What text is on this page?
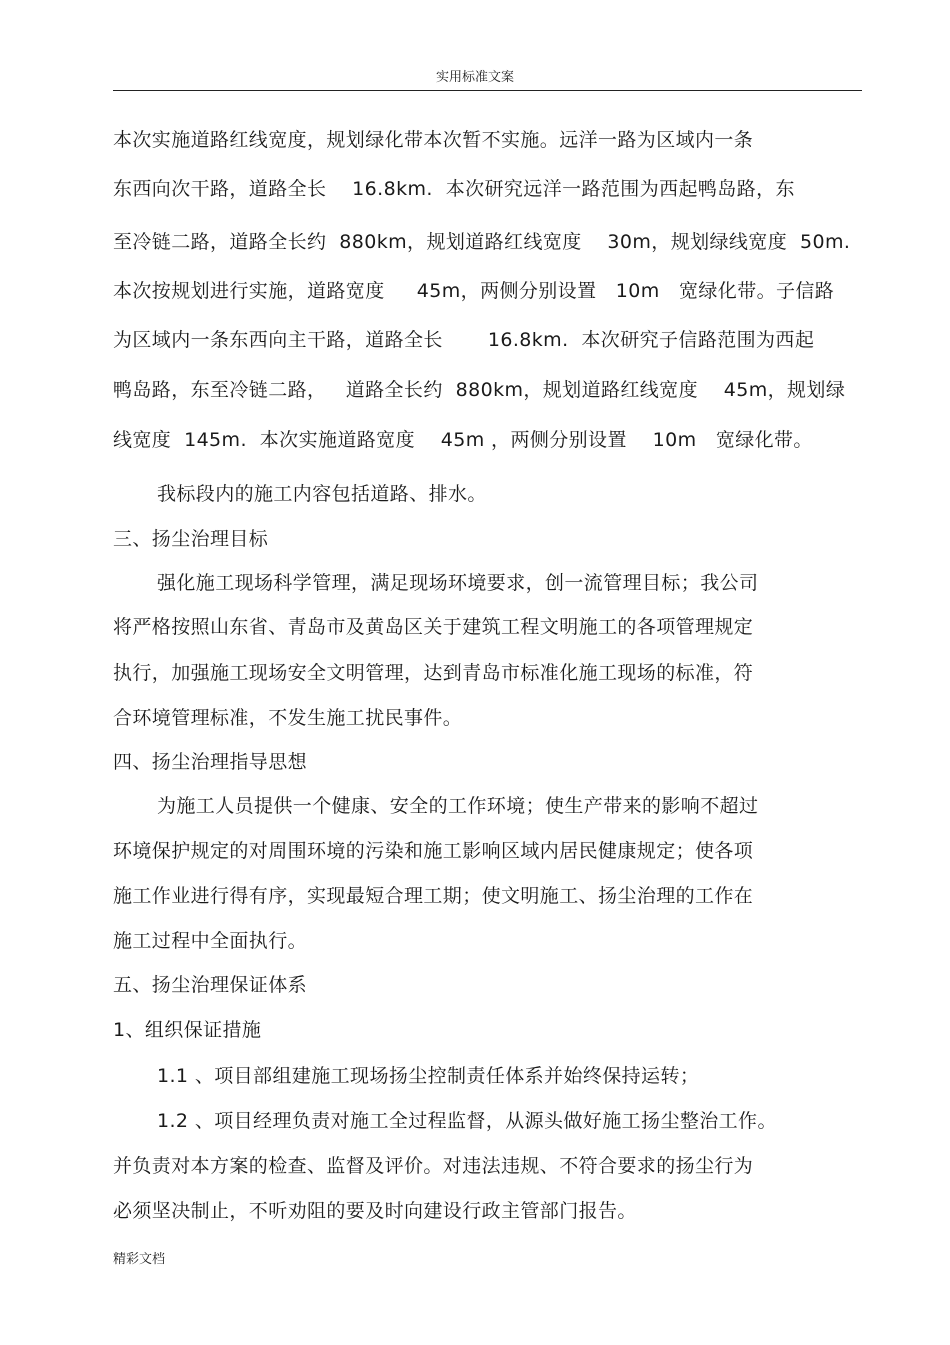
实用标准文案
本次实施道路红线宽度，规划绿化带本次暂不实施。远洋一路为区域内一条
东西向次干路，道路全长    16.8km.  本次研究远洋一路范围为西起鸭岛路，东
至冷链二路，道路全长约  880km，规划道路红线宽度    30m，规划绿线宽度  50m.
本次按规划进行实施，道路宽度     45m，两侧分别设置   10m   宽绿化带。子信路
为区域内一条东西向主干路，道路全长       16.8km.  本次研究子信路范围为西起
鸭岛路，东至冷链二路，   道路全长约  880km，规划道路红线宽度    45m，规划绿
线宽度  145m.  本次实施道路宽度    45m ，两侧分别设置    10m   宽绿化带。
我标段内的施工内容包括道路、排水。
三、扬尘治理目标
强化施工现场科学管理，满足现场环境要求，创一流管理目标；我公司
将严格按照山东省、青岛市及黄岛区关于建筑工程文明施工的各项管理规定
执行，加强施工现场安全文明管理，达到青岛市标准化施工现场的标准，符
合环境管理标准，不发生施工扰民事件。
四、扬尘治理指导思想
为施工人员提供一个健康、安全的工作环境；使生产带来的影响不超过
环境保护规定的对周围环境的污染和施工影响区域内居民健康规定；使各项
施工作业进行得有序，实现最短合理工期；使文明施工、扬尘治理的工作在
施工过程中全面执行。
五、扬尘治理保证体系
1、组织保证措施
1.1 、项目部组建施工现场扬尘控制责任体系并始终保持运转；
1.2 、项目经理负责对施工全过程监督，从源头做好施工扬尘整治工作。
并负责对本方案的检查、监督及评价。对违法违规、不符合要求的扬尘行为
必须坚决制止，不听劝阻的要及时向建设行政主管部门报告。
精彩文档
